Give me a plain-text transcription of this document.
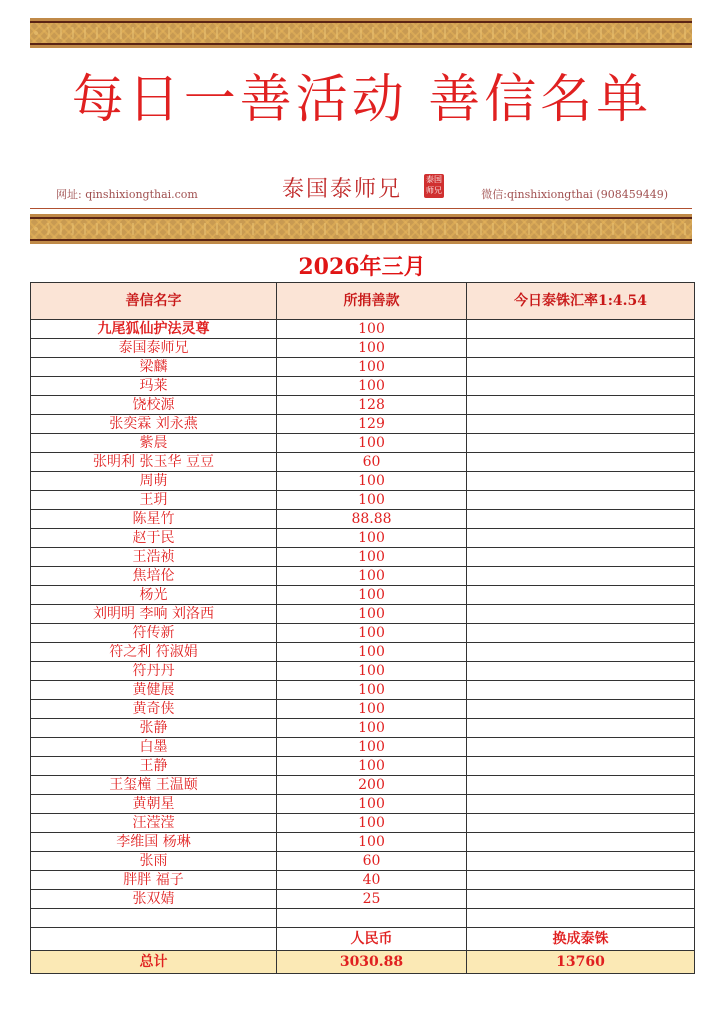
每日一善活动 善信名单
网址: qinshixiongthai.com	泰国泰师兄	泰国
师兄	微信:qinshixiongthai (908459449)
2026年三月
善信名字	所捐善款	今日泰铢汇率1:4.54
九尾狐仙护法灵尊	100	
泰国泰师兄	100	
梁麟	100	
玛莱	100	
饶校源	128	
张奕霖 刘永燕	129	
紫晨	100	
张明利 张玉华 豆豆	60	
周萌	100	
王玥	100	
陈星竹	88.88	
赵于民	100	
王浩祯	100	
焦培伦	100	
杨光	100	
刘明明 李响 刘洛西	100	
符传新	100	
符之利 符淑娟	100	
符丹丹	100	
黄健展	100	
黄奇侠	100	
张静	100	
白墨	100	
王静	100	
王玺橦 王温颐	200	
黄朝星	100	
汪滢滢	100	
李维国 杨琳	100	
张雨	60	
胖胖 福子	40	
张双婧	25	

	人民币	换成泰铢
总计	3030.88	13760
